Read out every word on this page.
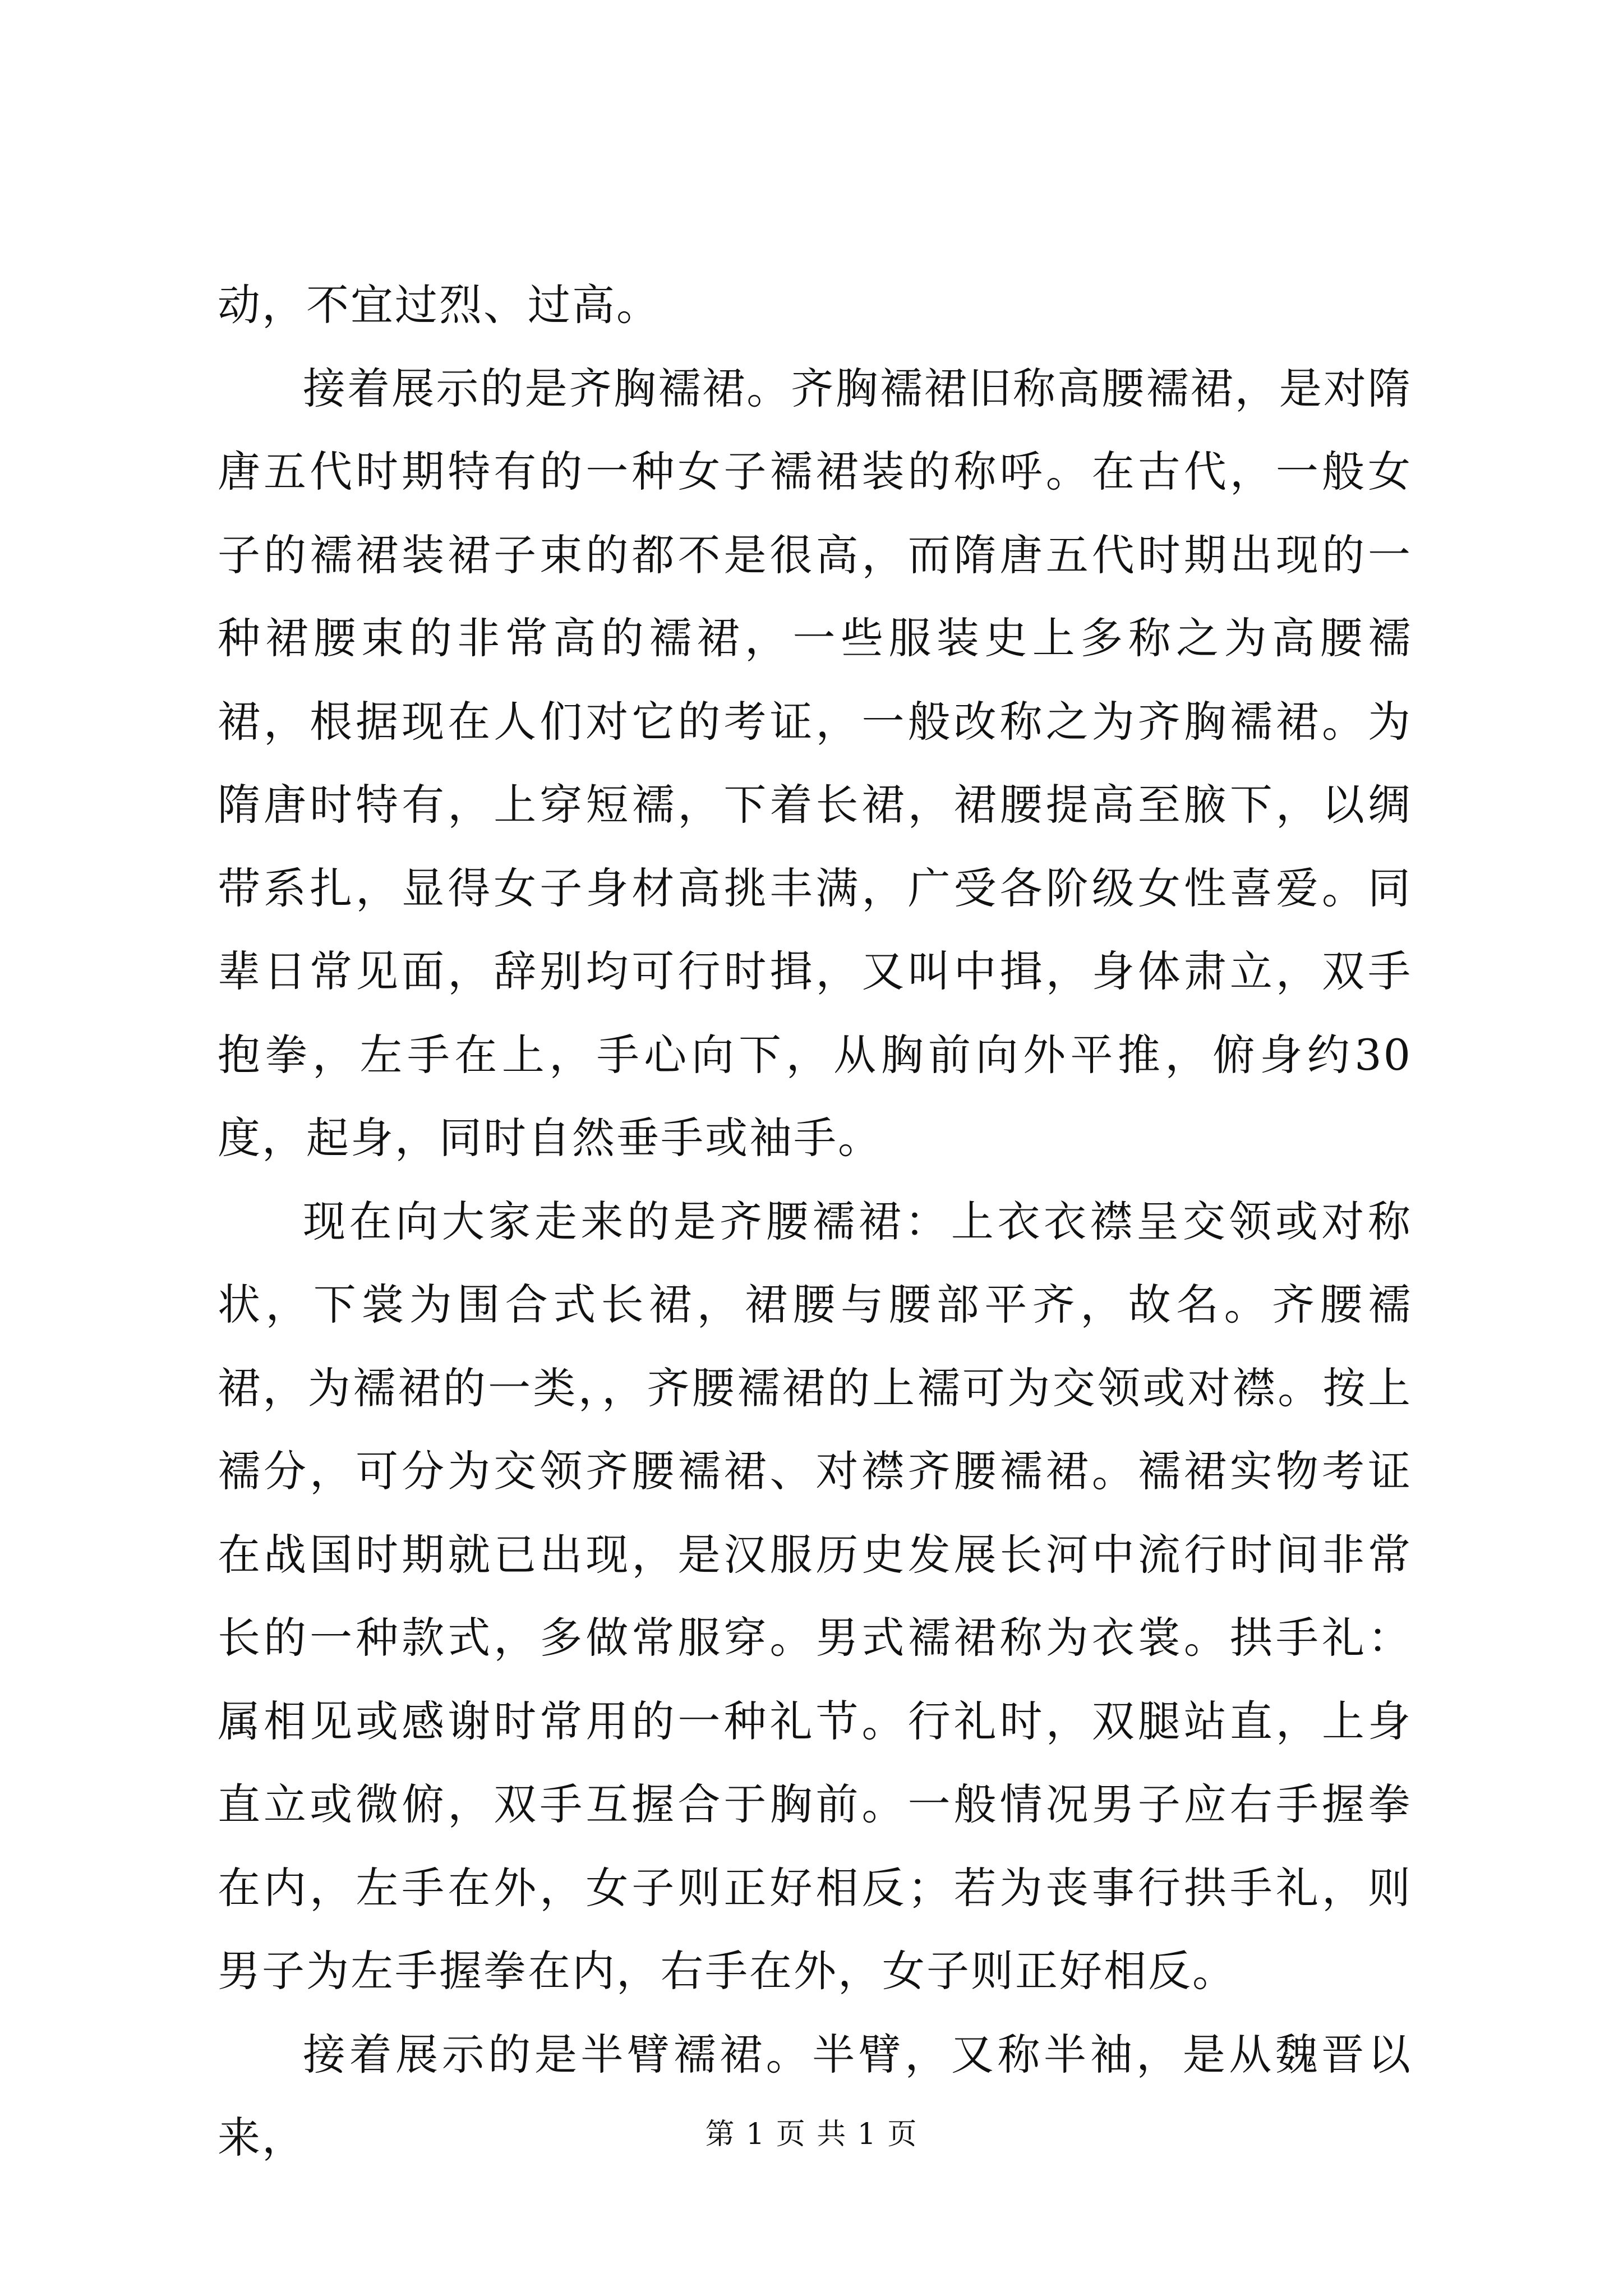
动，不宜过烈、过高。

接着展示的是齐胸襦裙。齐胸襦裙旧称高腰襦裙，是对隋唐五代时期特有的一种女子襦裙装的称呼。在古代，一般女子的襦裙装裙子束的都不是很高，而隋唐五代时期出现的一种裙腰束的非常高的襦裙，一些服装史上多称之为高腰襦裙，根据现在人们对它的考证，一般改称之为齐胸襦裙。为隋唐时特有，上穿短襦，下着长裙，裙腰提高至腋下，以绸带系扎，显得女子身材高挑丰满，广受各阶级女性喜爱。同辈日常见面，辞别均可行时揖，又叫中揖，身体肃立，双手抱拳，左手在上，手心向下，从胸前向外平推，俯身约30度，起身，同时自然垂手或袖手。

现在向大家走来的是齐腰襦裙：上衣衣襟呈交领或对称状，下裳为围合式长裙，裙腰与腰部平齐，故名。齐腰襦裙，为襦裙的一类，，齐腰襦裙的上襦可为交领或对襟。按上襦分，可分为交领齐腰襦裙、对襟齐腰襦裙。襦裙实物考证在战国时期就已出现，是汉服历史发展长河中流行时间非常长的一种款式，多做常服穿。男式襦裙称为衣裳。拱手礼：属相见或感谢时常用的一种礼节。行礼时，双腿站直，上身直立或微俯，双手互握合于胸前。一般情况男子应右手握拳在内，左手在外，女子则正好相反；若为丧事行拱手礼，则男子为左手握拳在内，右手在外，女子则正好相反。

接着展示的是半臂襦裙。半臂，又称半袖，是从魏晋以来，	第 1 页 共 1 页
